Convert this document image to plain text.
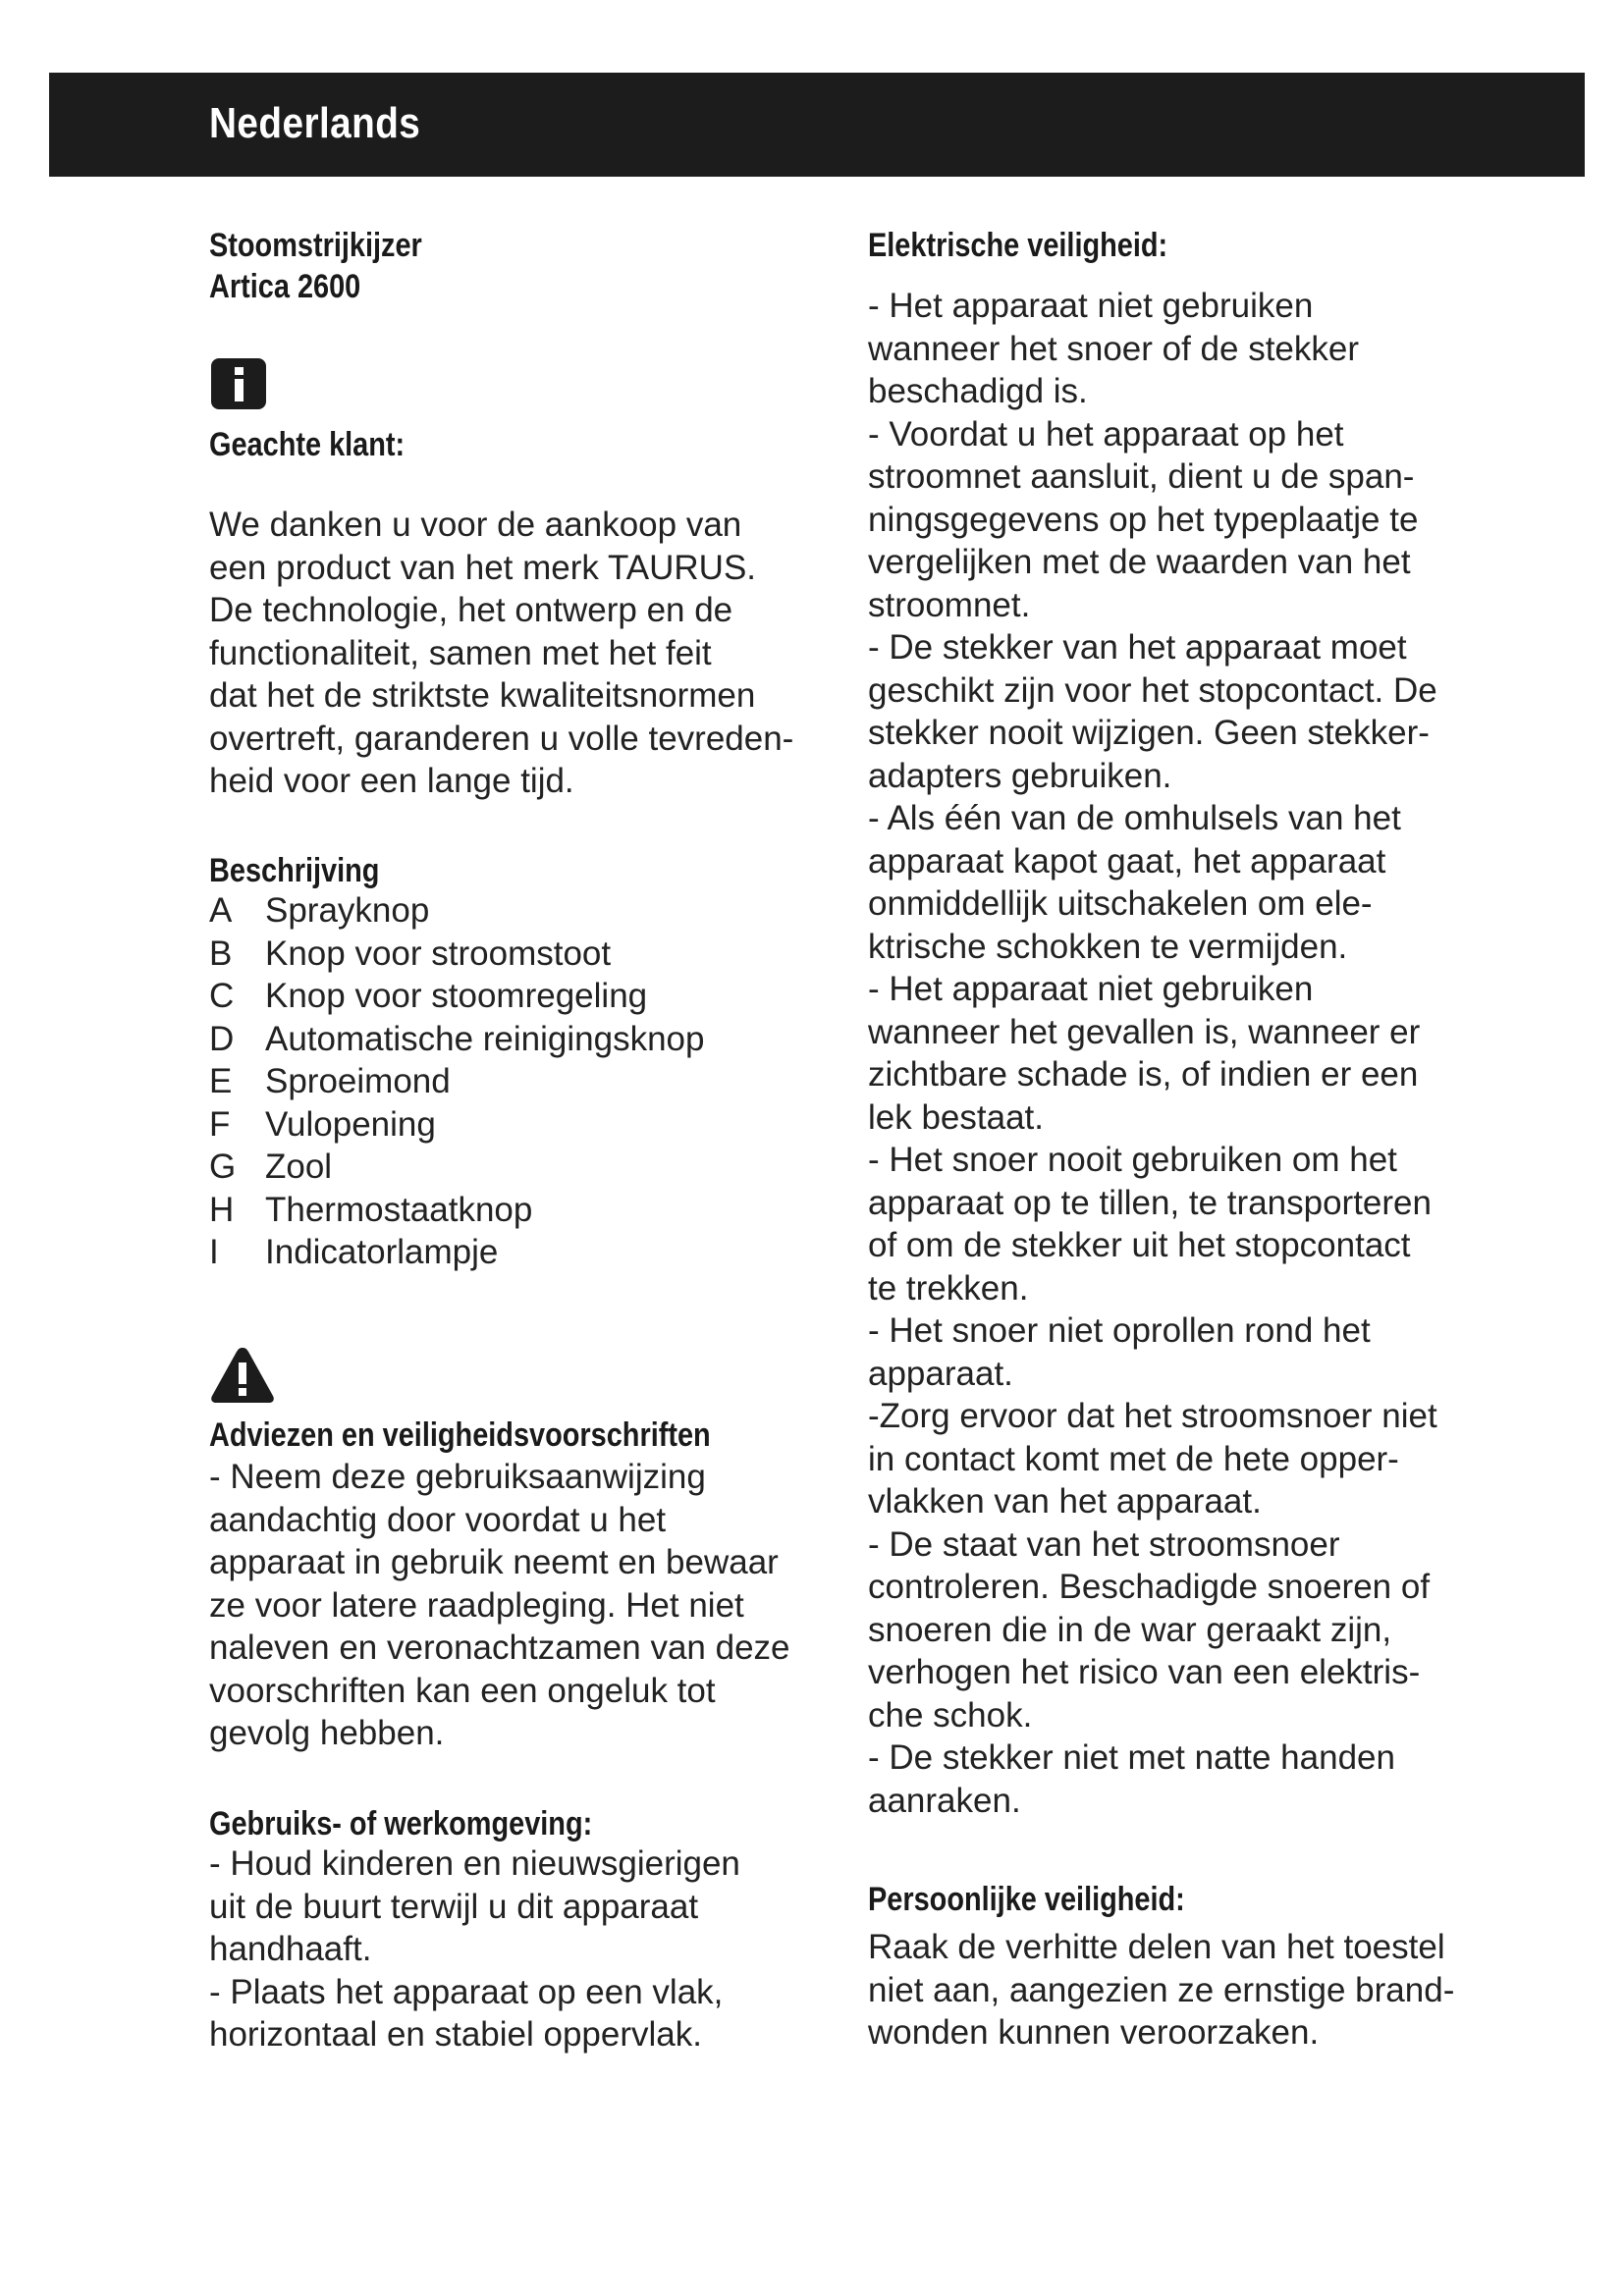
Nederlands
Stoomstrijkijzer
Artica 2600
Geachte klant:

We danken u voor de aankoop van
een product van het merk TAURUS.
De technologie, het ontwerp en de
functionaliteit, samen met het feit
dat het de striktste kwaliteitsnormen
overtreft, garanderen u volle tevreden-
heid voor een lange tijd.

Beschrijving
A Sprayknop
B Knop voor stroomstoot
C Knop voor stoomregeling
D Automatische reinigingsknop
E Sproeimond
F Vulopening
G Zool
H Thermostaatknop
I Indicatorlampje
Adviezen en veiligheidsvoorschriften

- Neem deze gebruiksaanwijzing
aandachtig door voordat u het
apparaat in gebruik neemt en bewaar
ze voor latere raadpleging. Het niet
naleven en veronachtzamen van deze
voorschriften kan een ongeluk tot
gevolg hebben.

Gebruiks- of werkomgeving:

- Houd kinderen en nieuwsgierigen
uit de buurt terwijl u dit apparaat
handhaaft.
- Plaats het apparaat op een vlak,
horizontaal en stabiel oppervlak.

Elektrische veiligheid:

- Het apparaat niet gebruiken
wanneer het snoer of de stekker
beschadigd is.
- Voordat u het apparaat op het
stroomnet aansluit, dient u de span-
ningsgegevens op het typeplaatje te
vergelijken met de waarden van het
stroomnet.
- De stekker van het apparaat moet
geschikt zijn voor het stopcontact. De
stekker nooit wijzigen. Geen stekker-
adapters gebruiken.
- Als één van de omhulsels van het
apparaat kapot gaat, het apparaat
onmiddellijk uitschakelen om ele-
ktrische schokken te vermijden.
- Het apparaat niet gebruiken
wanneer het gevallen is, wanneer er
zichtbare schade is, of indien er een
lek bestaat.
- Het snoer nooit gebruiken om het
apparaat op te tillen, te transporteren
of om de stekker uit het stopcontact
te trekken.
- Het snoer niet oprollen rond het
apparaat.
-Zorg ervoor dat het stroomsnoer niet
in contact komt met de hete opper-
vlakken van het apparaat.
- De staat van het stroomsnoer
controleren. Beschadigde snoeren of
snoeren die in de war geraakt zijn,
verhogen het risico van een elektris-
che schok.
- De stekker niet met natte handen
aanraken.

Persoonlijke veiligheid:

Raak de verhitte delen van het toestel
niet aan, aangezien ze ernstige brand-
wonden kunnen veroorzaken.
